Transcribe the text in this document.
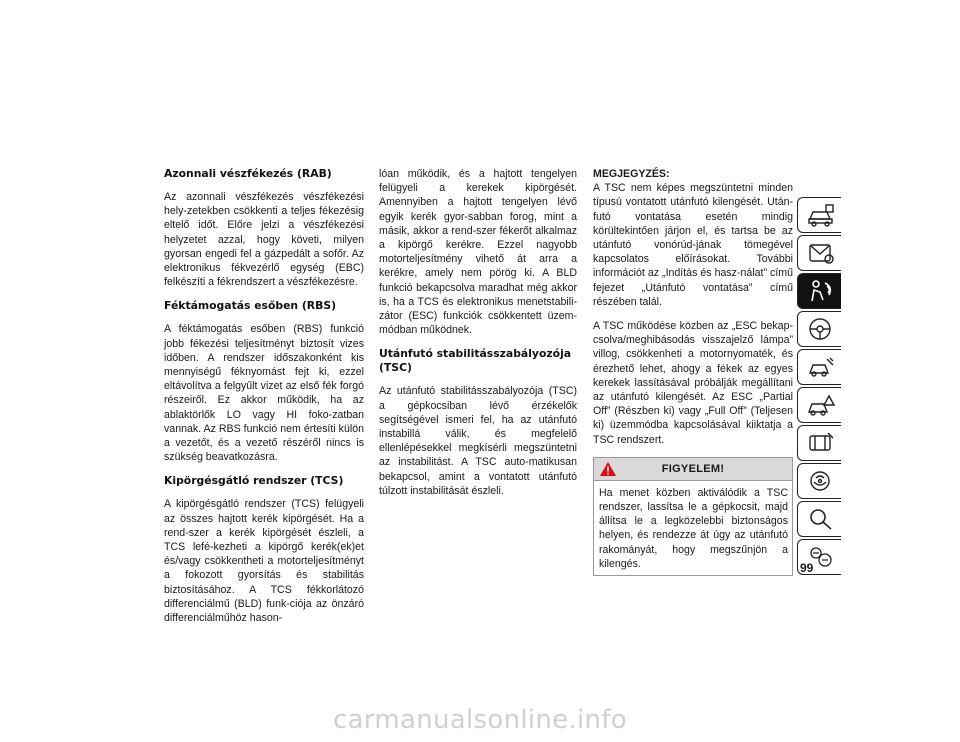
Azonnali vészfékezés (RAB)

Az azonnali vészfékezés vészfékezési hely-zetekben csökkenti a teljes fékezésig eltelő időt. Előre jelzi a vészfékezési helyzetet azzal, hogy követi, milyen gyorsan engedi fel a gázpedált a sofőr. Az elektronikus fékvezérlő egység (EBC) felkészíti a fékrendszert a vészfékezésre.

Féktámogatás esőben (RBS)

A féktámogatás esőben (RBS) funkció jobb fékezési teljesítményt biztosít vizes időben. A rendszer időszakonként kis mennyiségű féknyomást fejt ki, ezzel eltávolítva a felgyűlt vizet az első fék forgó részeiről. Ez akkor működik, ha az ablaktörlők LO vagy HI foko-zatban vannak. Az RBS funkció nem értesíti külön a vezetőt, és a vezető részéről nincs is szükség beavatkozásra.

Kipörgésgátló rendszer (TCS)

A kipörgésgátló rendszer (TCS) felügyeli az összes hajtott kerék kipörgését. Ha a rend-szer a kerék kipörgését észleli, a TCS lefé-kezheti a kipörgő kerék(ek)et és/vagy csökkentheti a motorteljesítményt a fokozott gyorsítás és stabilitás biztosításához. A TCS fékkorlátozó differenciálmű (BLD) funk-ciója az önzáró differenciálműhöz hason-

lóan működik, és a hajtott tengelyen felügyeli a kerekek kipörgését. Amennyiben a hajtott tengelyen lévő egyik kerék gyor-sabban forog, mint a másik, akkor a rend-szer fékerőt alkalmaz a kipörgő kerékre. Ezzel nagyobb motorteljesítmény vihető át arra a kerékre, amely nem pörög ki. A BLD funkció bekapcsolva maradhat még akkor is, ha a TCS és elektronikus menetstabili-zátor (ESC) funkciók csökkentett üzem-módban működnek.

Utánfutó stabilitásszabályozója (TSC)

Az utánfutó stabilitásszabályozója (TSC) a gépkocsiban lévő érzékelők segítségével ismeri fel, ha az utánfutó instabillá válik, és megfelelő ellenlépésekkel megkísérli megszüntetni az instabilitást. A TSC auto-matikusan bekapcsol, amint a vontatott utánfutó túlzott instabilitását észleli.

MEGJEGYZÉS:

A TSC nem képes megszüntetni minden típusú vontatott utánfutó kilengését. Után-futó vontatása esetén mindig körültekintően járjon el, és tartsa be az utánfutó vonórúd-jának tömegével kapcsolatos előírásokat. További információt az „Indítás és hasz-nálat” című fejezet „Utánfutó vontatása” című részében talál.

A TSC működése közben az „ESC bekap-csolva/meghibásodás visszajelző lámpa” villog, csökkenheti a motornyomaték, és érezhető lehet, ahogy a fékek az egyes kerekek lassításával próbálják megállítani az utánfutó kilengését. Az ESC „Partial Off” (Részben ki) vagy „Full Off” (Teljesen ki) üzemmódba kapcsolásával kiiktatja a TSC rendszert.

FIGYELEM!
Ha menet közben aktiválódik a TSC rendszer, lassítsa le a gépkocsit, majd állítsa le a legközelebbi biztonságos helyen, és rendezze át úgy az utánfutó rakományát, hogy megszűnjön a kilengés.	99
carmanualsonline.info
